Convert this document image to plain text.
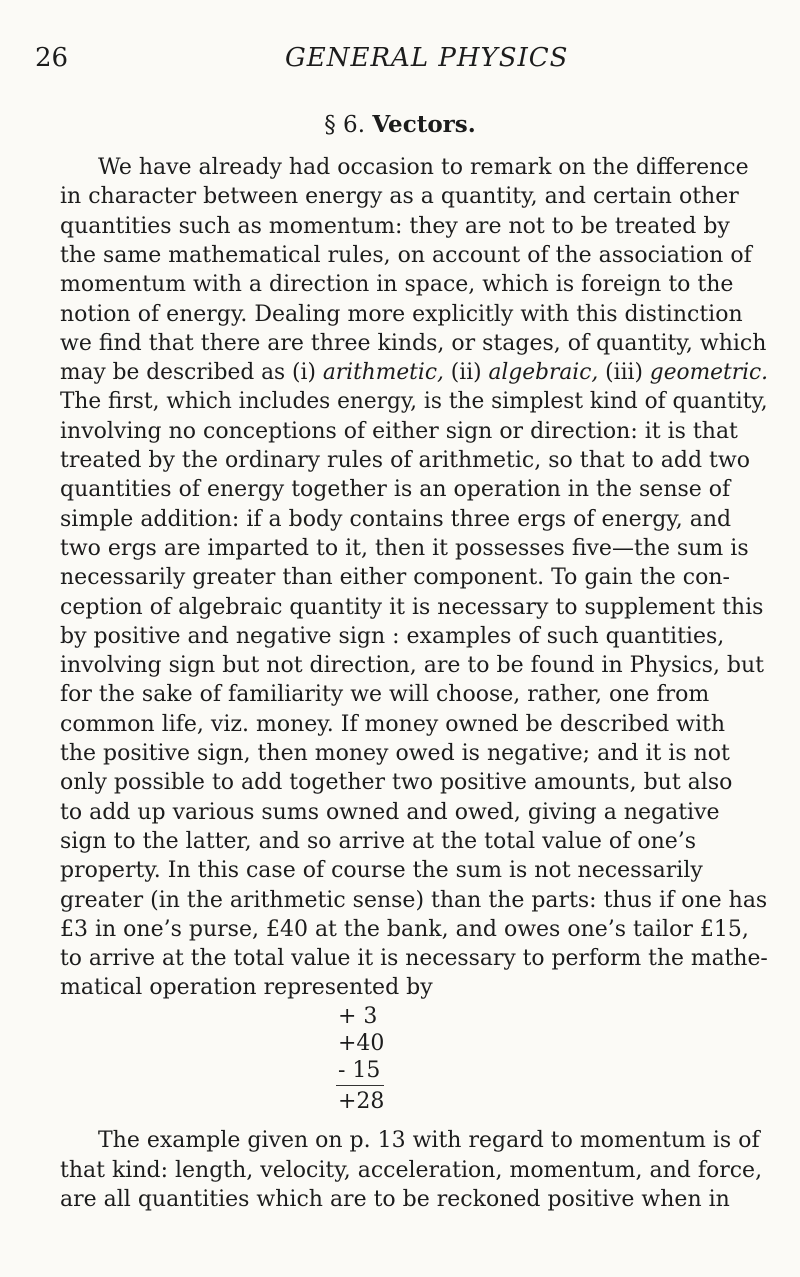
26	GENERAL PHYSICS
§ 6. Vectors.
We have already had occasion to remark on the difference
in character between energy as a quantity, and certain other
quantities such as momentum: they are not to be treated by
the same mathematical rules, on account of the association of
momentum with a direction in space, which is foreign to the
notion of energy. Dealing more explicitly with this distinction
we find that there are three kinds, or stages, of quantity, which
may be described as (i) arithmetic, (ii) algebraic, (iii) geometric.
The first, which includes energy, is the simplest kind of quantity,
involving no conceptions of either sign or direction: it is that
treated by the ordinary rules of arithmetic, so that to add two
quantities of energy together is an operation in the sense of
simple addition: if a body contains three ergs of energy, and
two ergs are imparted to it, then it possesses five—the sum is
necessarily greater than either component. To gain the con-
ception of algebraic quantity it is necessary to supplement this
by positive and negative sign : examples of such quantities,
involving sign but not direction, are to be found in Physics, but
for the sake of familiarity we will choose, rather, one from
common life, viz. money. If money owned be described with
the positive sign, then money owed is negative; and it is not
only possible to add together two positive amounts, but also
to add up various sums owned and owed, giving a negative
sign to the latter, and so arrive at the total value of one’s
property. In this case of course the sum is not necessarily
greater (in the arithmetic sense) than the parts: thus if one has
£3 in one’s purse, £40 at the bank, and owes one’s tailor £15,
to arrive at the total value it is necessary to perform the mathe-
matical operation represented by
+ 3
+40
- 15
+28
The example given on p. 13 with regard to momentum is of
that kind: length, velocity, acceleration, momentum, and force,
are all quantities which are to be reckoned positive when in
